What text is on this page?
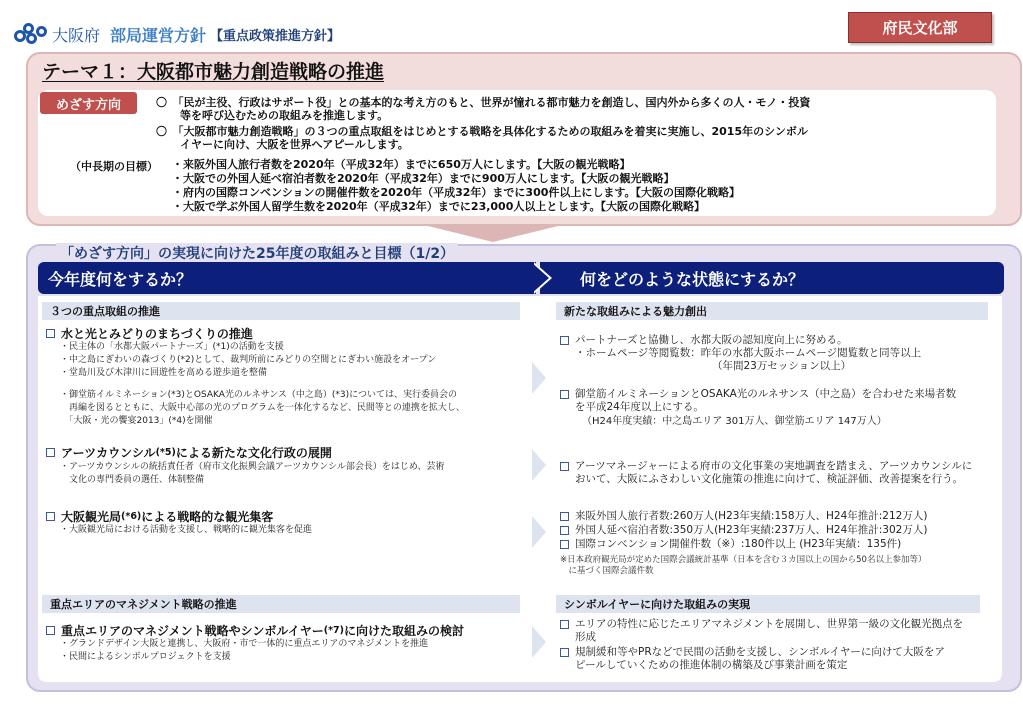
大阪府 部局運営方針 【重点政策推進方針】	府民文化部
テーマ１：大阪都市魅力創造戦略の推進
めざす方向	〇　「民が主役、行政はサポート役」との基本的な考え方のもと、世界が憧れる都市魅力を創造し、国内外から多くの人・モノ・投資
等を呼び込むための取組みを推進します。
〇　「大阪都市魅力創造戦略」の３つの重点取組をはじめとする戦略を具体化するための取組みを着実に実施し、2015年のシンボル
イヤーに向け、大阪を世界へアピールします。
（中長期の目標） ・来阪外国人旅行者数を2020年（平成32年）までに650万人にします。【大阪の観光戦略】
・大阪での外国人延べ宿泊者数を2020年（平成32年）までに900万人にします。【大阪の観光戦略】
・府内の国際コンベンションの開催件数を2020年（平成32年）までに300件以上にします。【大阪の国際化戦略】
・大阪で学ぶ外国人留学生数を2020年（平成32年）までに23,000人以上とします。【大阪の国際化戦略】
「めざす方向」の実現に向けた25年度の取組みと目標（1/2）
今年度何をするか？	何をどのような状態にするか？
３つの重点取組の推進
水と光とみどりのまちづくりの推進
・民主体の「水都大阪パートナーズ」(*1)の活動を支援
・中之島にぎわいの森づくり(*2)として、裁判所前にみどりの空間とにぎわい施設をオープン
・堂島川及び木津川に回遊性を高める遊歩道を整備
・御堂筋イルミネーション(*3)とOSAKA光のルネサンス（中之島）(*3)については、実行委員会の
　再編を図るとともに、大阪中心部の光のプログラムを一体化するなど、民間等との連携を拡大し、
　「大阪・光の饗宴2013」(*4)を開催
アーツカウンシル (*5) による新たな文化行政の展開
・アーツカウンシルの統括責任者（府市文化振興会議アーツカウンシル部会長）をはじめ、芸術
　文化の専門委員の選任、体制整備
大阪観光局 (*6) による戦略的な観光集客
・大阪観光局における活動を支援し、戦略的に観光集客を促進
重点エリアのマネジメント戦略の推進
重点エリアのマネジメント戦略やシンボルイヤー (*7) に向けた取組みの検討
・グランドデザイン大阪と連携し、大阪府・市で一体的に重点エリアのマネジメントを推進
・民間によるシンボルプロジェクトを支援
新たな取組みによる魅力創出
パートナーズと協働し、水都大阪の認知度向上に努める。
・ホームページ等閲覧数：昨年の水都大阪ホームページ閲覧数と同等以上
（年間23万セッション以上）
御堂筋イルミネーションとOSAKA光のルネサンス（中之島）を合わせた来場者数
を平成24年度以上にする。
（H24年度実績：中之島エリア 301万人、御堂筋エリア 147万人）
アーツマネージャーによる府市の文化事業の実地調査を踏まえ、アーツカウンシルに
おいて、大阪にふさわしい文化施策の推進に向けて、検証評価、改善提案を行う。
来阪外国人旅行者数:260万人(H23年実績:158万人、H24年推計:212万人)
外国人延べ宿泊者数:350万人(H23年実績:237万人、H24年推計:302万人)
国際コンベンション開催件数（※）:180件以上 (H23年実績：135件)
※日本政府観光局が定めた国際会議統計基準（日本を含む３カ国以上の国から50名以上参加等）
　に基づく国際会議件数
シンボルイヤーに向けた取組みの実現
エリアの特性に応じたエリアマネジメントを展開し、世界第一級の文化観光拠点を
形成
規制緩和等やPRなどで民間の活動を支援し、シンボルイヤーに向けて大阪をア
ピールしていくための推進体制の構築及び事業計画を策定
